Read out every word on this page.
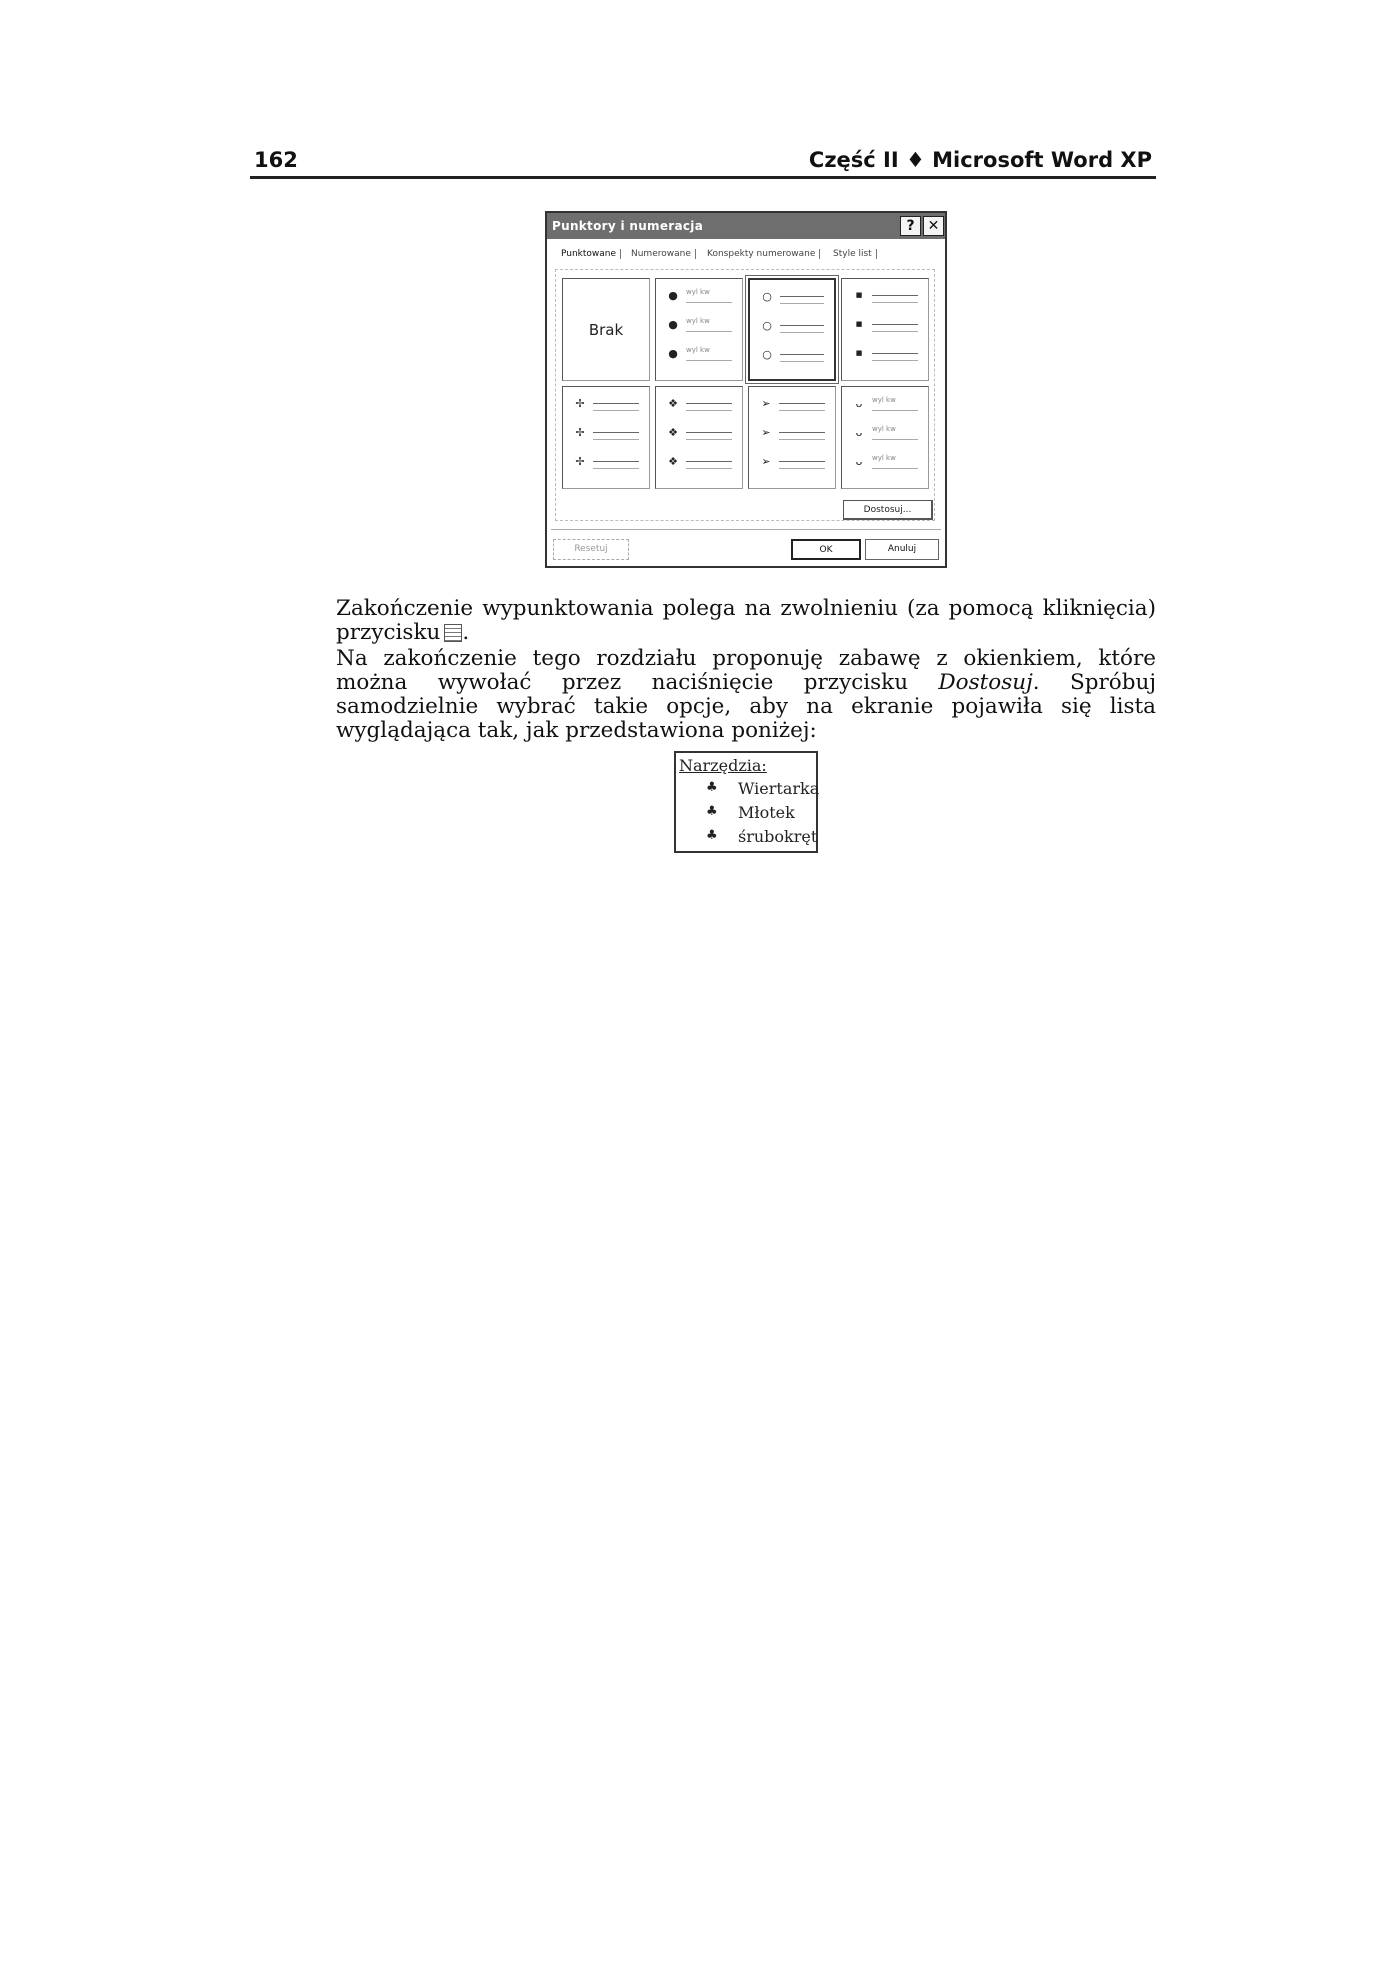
162	Część II ♦ Microsoft Word XP
Punktory i numeracja	? ✕
Punktowane	Numerowane	Konspekty numerowane	Style list
Brak
●	wyl kw
●	wyl kw
●	wyl kw
○
○
○
■
■
■
✢
✢
✢
❖
❖
❖
➢
➢
➢
ᴗ	wyl kw
ᴗ	wyl kw
ᴗ	wyl kw
Dostosuj...
Resetuj	OK	Anuluj
Zakończenie wypunktowania polega na zwolnieniu (za pomocą kliknięcia) przycisku .
Na zakończenie tego rozdziału proponuję zabawę z okienkiem, które można wywołać przez naciśnięcie przycisku Dostosuj. Spróbuj samodzielnie wybrać takie opcje, aby na ekranie pojawiła się lista wyglądająca tak, jak przedstawiona poniżej:
Narzędzia:
♣ Wiertarka
♣ Młotek
♣ śrubokręt
